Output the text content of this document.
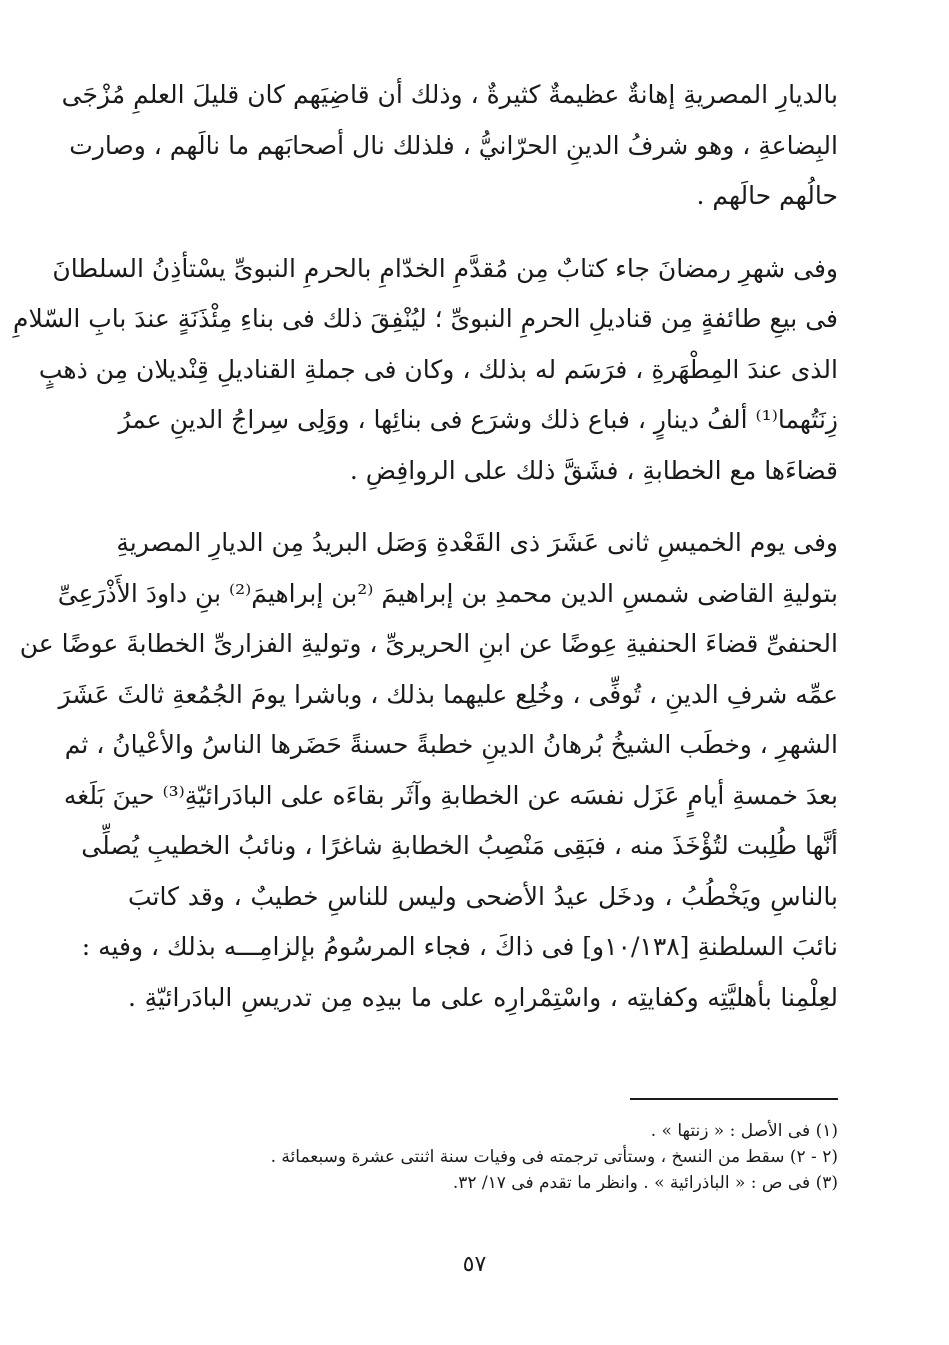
بالديارِ المصريةِ إهانةٌ عظيمةٌ كثيرةٌ ، وذلك أن قاضِيَهم كان قليلَ العلمِ مُزْجَى
البِضاعةِ ، وهو شرفُ الدينِ الحرّانيُّ ، فلذلك نال أصحابَهم ما نالَهم ، وصارت
حالُهم حالَهم .

وفى شهرِ رمضانَ جاء كتابٌ مِن مُقدَّمِ الخدّامِ بالحرمِ النبوىِّ يسْتأذِنُ السلطانَ
فى بيعِ طائفةٍ مِن قناديلِ الحرمِ النبوىِّ ؛ ليُنْفِقَ ذلك فى بناءِ مِئْذَنَةٍ عندَ بابِ السّلامِ
الذى عندَ المِطْهَرةِ ، فرَسَم له بذلك ، وكان فى جملةِ القناديلِ قِنْديلان مِن ذهبٍ
زِنَتُهما⁽¹⁾ ألفُ دينارٍ ، فباع ذلك وشرَع فى بنائِها ، ووَلِى سِراجُ الدينِ عمرُ
قضاءَها مع الخطابةِ ، فشَقَّ ذلك على الروافِضِ .

وفى يوم الخميسِ ثانى عَشَرَ ذى القَعْدةِ وَصَل البريدُ مِن الديارِ المصريةِ
بتوليةِ القاضى شمسِ الدين محمدِ بن إبراهيمَ ⁽²بن إبراهيمَ⁽²⁾ بنِ داودَ الأَذْرَعِىِّ
الحنفىِّ قضاءَ الحنفيةِ عِوضًا عن ابنِ الحريرىِّ ، وتوليةِ الفزارىِّ الخطابةَ عوضًا عن
عمِّه شرفِ الدينِ ، تُوفِّى ، وخُلِع عليهما بذلك ، وباشرا يومَ الجُمُعةِ ثالثَ عَشَرَ
الشهرِ ، وخطَب الشيخُ بُرهانُ الدينِ خطبةً حسنةً حَضَرها الناسُ والأعْيانُ ، ثم
بعدَ خمسةِ أيامٍ عَزَل نفسَه عن الخطابةِ وآثَر بقاءَه على البادَرائيّةِ⁽³⁾ حينَ بَلَغه
أنَّها طُلِبت لتُؤْخَذَ منه ، فبَقِى مَنْصِبُ الخطابةِ شاغرًا ، ونائبُ الخطيبِ يُصلِّى
بالناسِ ويَخْطُبُ ، ودخَل عيدُ الأضحى وليس للناسِ خطيبٌ ، وقد كاتبَ
نائبَ السلطنةِ [١٠/١٣٨و] فى ذاكَ ، فجاء المرسُومُ بإلزامِـــه بذلك ، وفيه :
لعِلْمِنا بأهليَّتِه وكفايتِه ، واسْتِمْرارِه على ما بيدِه مِن تدريسِ البادَرائيّةِ .

(١) فى الأصل : « زنتها » .
(٢ - ٢) سقط من النسخ ، وستأتى ترجمته فى وفيات سنة اثنتى عشرة وسبعمائة .
(٣) فى ص : « الباذرائية » . وانظر ما تقدم فى ١٧/ ٣٢.
٥٧
